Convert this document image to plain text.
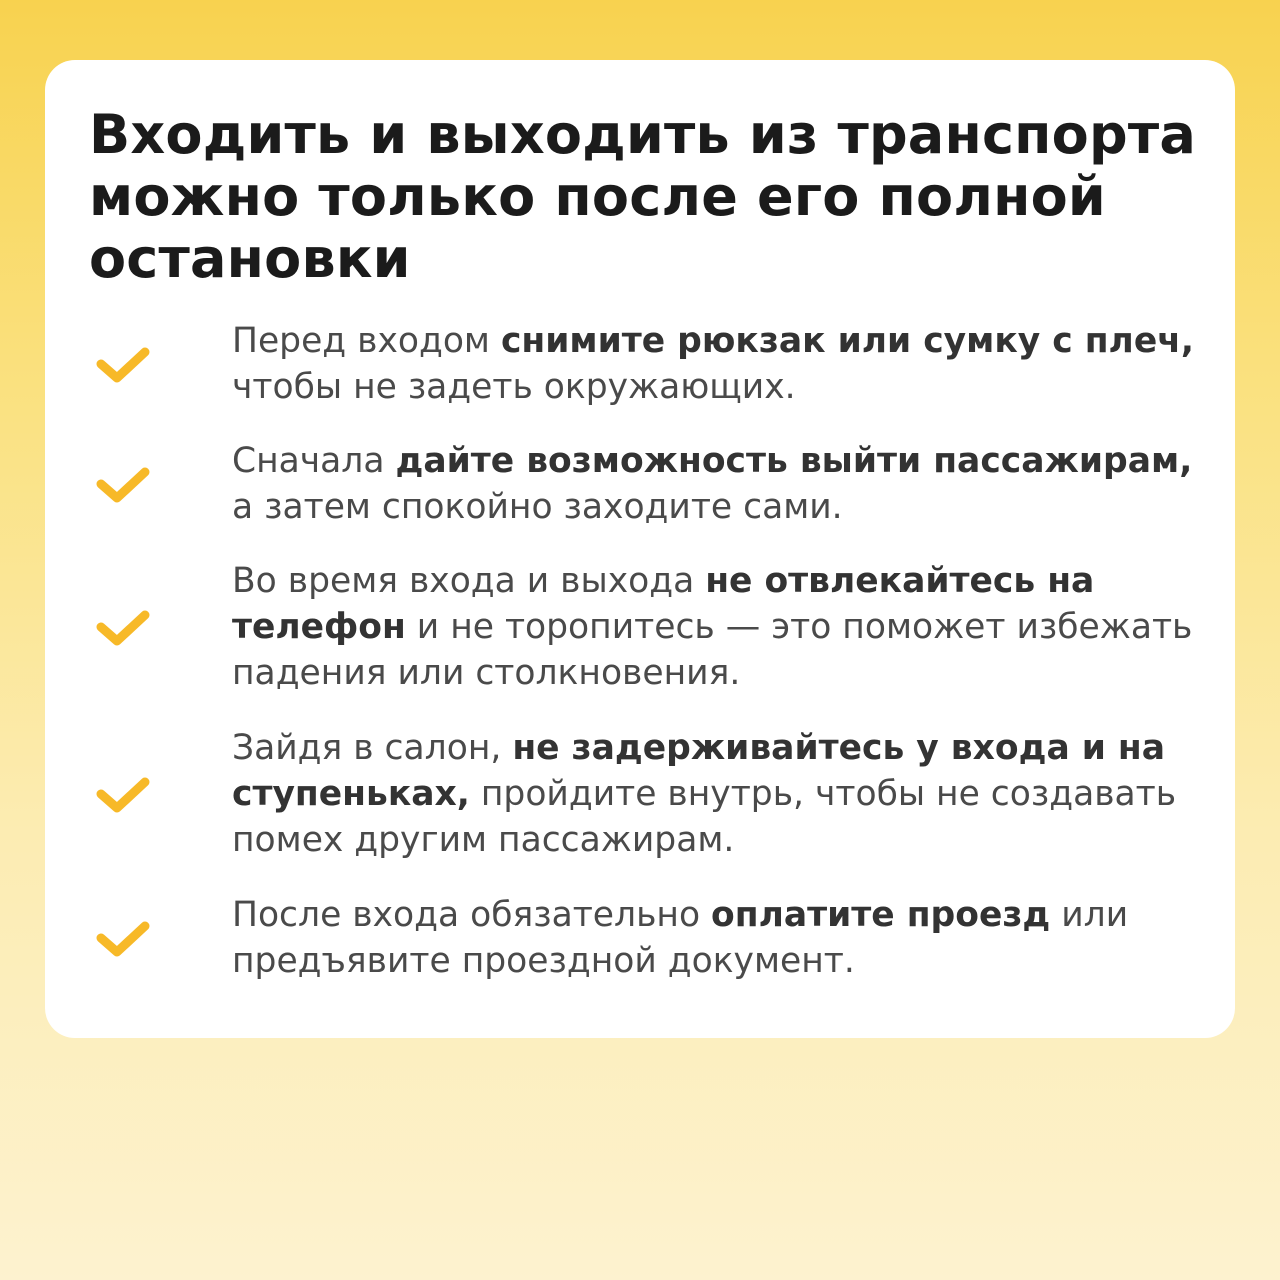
Входить и выходить из транспорта можно только после его полной остановки

Перед входом снимите рюкзак или сумку с плеч,
чтобы не задеть окружающих.

Сначала дайте возможность выйти пассажирам, а затем спокойно заходите сами.

Во время входа и выхода не отвлекайтесь на телефон и не торопитесь — это поможет избежать падения или столкновения.

Зайдя в салон, не задерживайтесь у входа и на ступеньках, пройдите внутрь, чтобы не создавать помех другим пассажирам.

После входа обязательно оплатите проезд или предъявите проездной документ.
